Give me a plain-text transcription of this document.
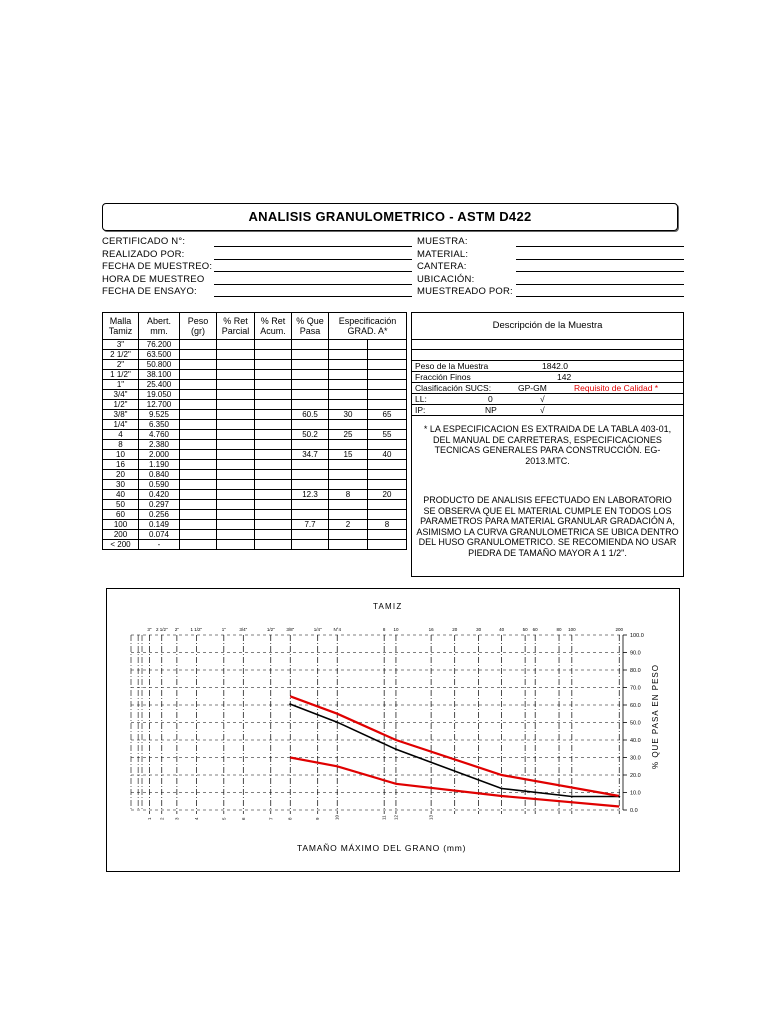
ANALISIS GRANULOMETRICO - ASTM D422
CERTIFICADO N°:
REALIZADO POR:
FECHA DE MUESTREO:
HORA DE MUESTREO
FECHA DE ENSAYO:
MUESTRA:
MATERIAL:
CANTERA:
UBICACIÓN:
MUESTREADO POR:
Malla Tamiz	Abert. mm.	Peso (gr)	% Ret Parcial	% Ret Acum.	% Que Pasa	Especificación GRAD. A*	
3"	76.200						
2 1/2"	63.500						
2"	50.800						
1 1/2"	38.100						
1"	25.400						
3/4"	19.050						
1/2"	12.700						
3/8"	9.525				60.5	30	65
1/4"	6.350						
4	4.760				50.2	25	55
8	2.380						
10	2.000				34.7	15	40
16	1.190						
20	0.840						
30	0.590						
40	0.420				12.3	8	20
50	0.297						
60	0.256						
100	0.149				7.7	2	8
200	0.074						
< 200	-						
Descripción de la Muestra
Peso de la Muestra	1842.0
Fracción Finos	142
Clasificación SUCS:	GP-GM	Requisito de Calidad *
LL:	0	√
IP:	NP	√
* LA ESPECIFICACION ES EXTRAIDA DE LA TABLA 403-01, DEL MANUAL DE CARRETERAS, ESPECIFICACIONES TECNICAS GENERALES PARA CONSTRUCCIÓN. EG-2013.MTC.
PRODUCTO DE ANALISIS EFECTUADO EN LABORATORIO SE OBSERVA QUE EL MATERIAL CUMPLE EN TODOS LOS PARAMETROS PARA MATERIAL GRANULAR GRADACIÓN A, ASIMISMO LA CURVA GRANULOMETRICA SE UBICA DENTRO DEL HUSO GRANULOMETRICO. SE RECOMIENDA NO USAR PIEDRA DE TAMAÑO MAYOR A 1 1/2".
TAMIZ
TAMAÑO MÁXIMO DEL GRANO (mm)
% QUE PASA EN PESO
3" 2 1/2" 2"	1 1/2"	1"	3/4"	1/2"	3/8"	1/4"	N°4	8 10	16	20	30	40	50 60	80 100	200
1 2 3	4	5	6	7	8	9	10	11 12	13
100.0
90.0
80.0
70.0
60.0
50.0
40.0
30.0
20.0
10.0
0.0
